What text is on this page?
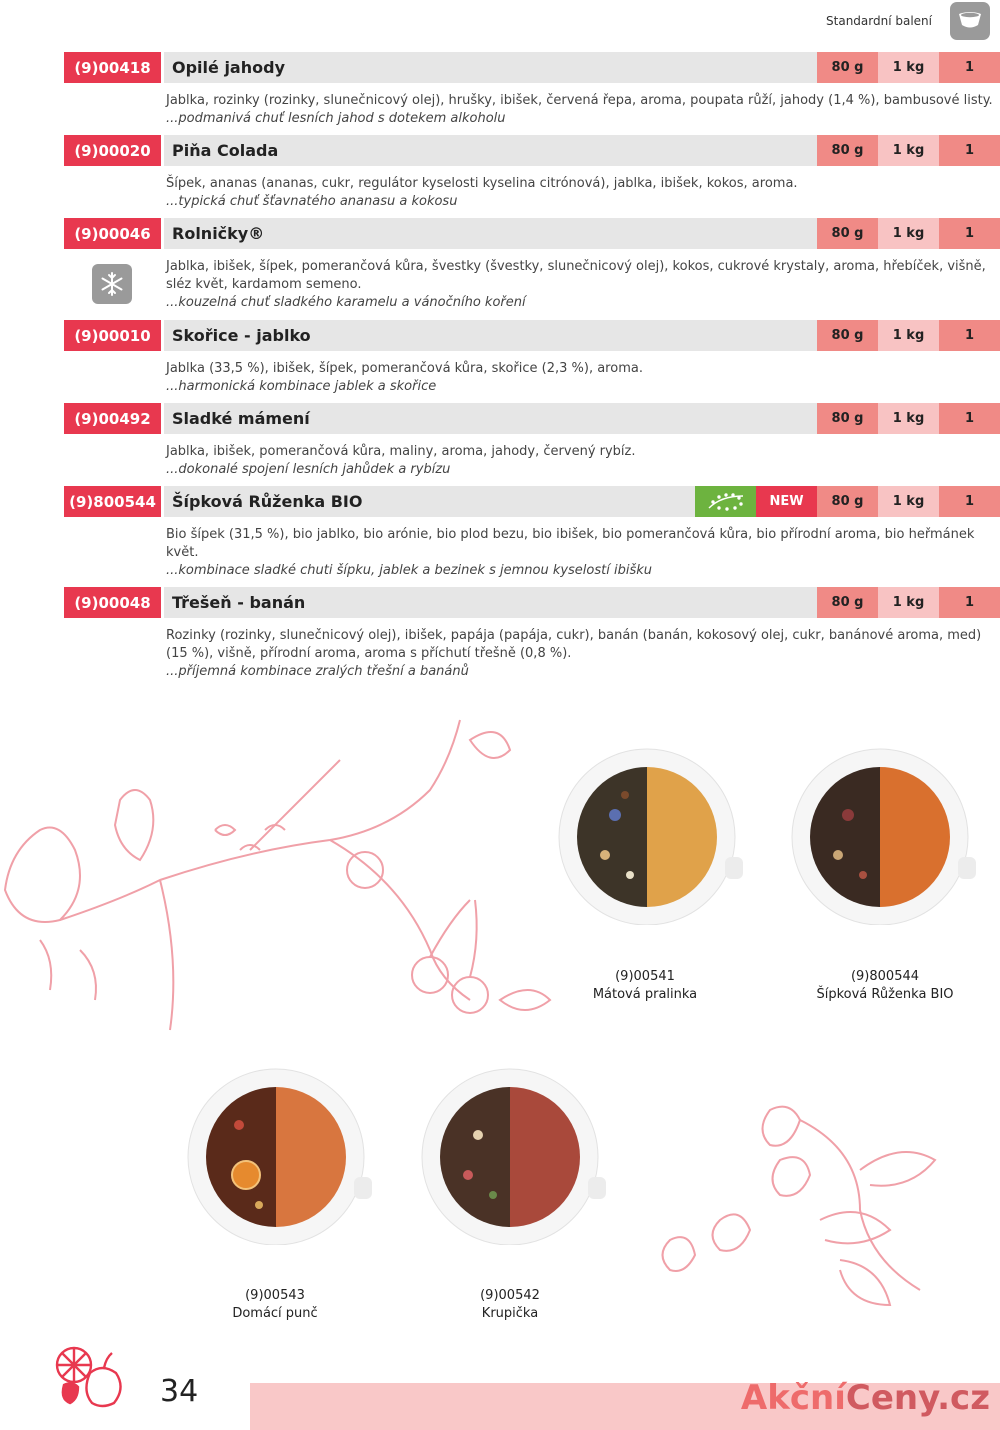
Standardní balení
(9)00418	Opilé jahody	80 g	1 kg	1
Jablka, rozinky (rozinky, slunečnicový olej), hrušky, ibišek, červená řepa, aroma, poupata růží, jahody (1,4 %), bambusové listy.
...podmanivá chuť lesních jahod s dotekem alkoholu
(9)00020	Piňa Colada	80 g	1 kg	1
Šípek, ananas (ananas, cukr, regulátor kyselosti kyselina citrónová), jablka, ibišek, kokos, aroma.
...typická chuť šťavnatého ananasu a kokosu
(9)00046	Rolničky®	80 g	1 kg	1
Jablka, ibišek, šípek, pomerančová kůra, švestky (švestky, slunečnicový olej), kokos, cukrové krystaly, aroma, hřebíček, višně, sléz květ, kardamom semeno.
...kouzelná chuť sladkého karamelu a vánočního koření
(9)00010	Skořice - jablko	80 g	1 kg	1
Jablka (33,5 %), ibišek, šípek, pomerančová kůra, skořice (2,3 %), aroma.
...harmonická kombinace jablek a skořice
(9)00492	Sladké mámení	80 g	1 kg	1
Jablka, ibišek, pomerančová kůra, maliny, aroma, jahody, červený rybíz.
...dokonalé spojení lesních jahůdek a rybízu
(9)800544	Šípková Růženka BIO	NEW	80 g	1 kg	1
Bio šípek (31,5 %), bio jablko, bio arónie, bio plod bezu, bio ibišek, bio pomerančová kůra, bio přírodní aroma, bio heřmánek květ.
...kombinace sladké chuti šípku, jablek a bezinek s jemnou kyselostí ibišku
(9)00048	Třešeň - banán	80 g	1 kg	1
Rozinky (rozinky, slunečnicový olej), ibišek, papája (papája, cukr), banán (banán, kokosový olej, cukr, banánové aroma, med) (15 %), višně, přírodní aroma, aroma s příchutí třešně (0,8 %).
...příjemná kombinace zralých třešní a banánů
(9)00541
Mátová pralinka
(9)800544
Šípková Růženka BIO
(9)00543
Domácí punč
(9)00542
Krupička
34	AkčníCeny.cz
